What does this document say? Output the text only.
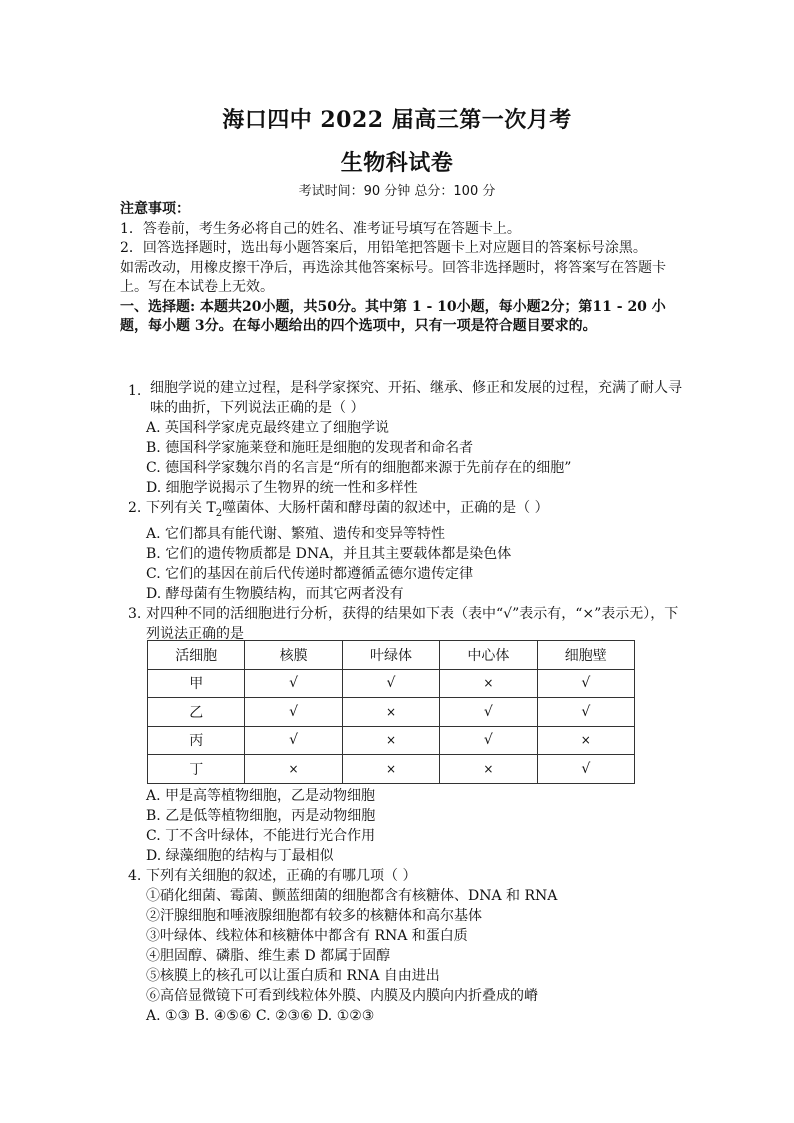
海口四中 2022 届高三第一次月考
生物科试卷
考试时间：90 分钟 总分：100 分

注意事项：

1．答卷前，考生务必将自己的姓名、准考证号填写在答题卡上。

2．回答选择题时，选出每小题答案后，用铅笔把答题卡上对应题目的答案标号涂黑。

如需改动，用橡皮擦干净后，再选涂其他答案标号。回答非选择题时，将答案写在答题卡上。写在本试卷上无效。

一、选择题: 本题共20小题，共50分。其中第 1 - 10小题，每小题2分；第11 - 20 小题，每小题 3分。在每小题给出的四个选项中，只有一项是符合题目要求的。

1. 细胞学说的建立过程，是科学家探究、开拓、继承、修正和发展的过程，充满了耐人寻味的曲折，下列说法正确的是（ ）
A. 英国科学家虎克最终建立了细胞学说
B. 德国科学家施莱登和施旺是细胞的发现者和命名者
C. 德国科学家魏尔肖的名言是“所有的细胞都来源于先前存在的细胞”
D. 细胞学说揭示了生物界的统一性和多样性
2. 下列有关 $T_2$噬菌体、大肠杆菌和酵母菌的叙述中，正确的是（ ）
A. 它们都具有能代谢、繁殖、遗传和变异等特性
B. 它们的遗传物质都是 DNA，并且其主要载体都是染色体
C. 它们的基因在前后代传递时都遵循孟德尔遗传定律
D. 酵母菌有生物膜结构，而其它两者没有
3. 对四种不同的活细胞进行分析，获得的结果如下表（表中“√”表示有，“×”表示无），下列说法正确的是
活细胞	核膜	叶绿体	中心体	细胞壁
甲	√	√	×	√
乙	√	×	√	√
丙	√	×	√	×
丁	×	×	×	√
A. 甲是高等植物细胞，乙是动物细胞
B. 乙是低等植物细胞，丙是动物细胞
C. 丁不含叶绿体，不能进行光合作用
D. 绿藻细胞的结构与丁最相似
4. 下列有关细胞的叙述，正确的有哪几项（ ）
①硝化细菌、霉菌、颤蓝细菌的细胞都含有核糖体、DNA 和 RNA
②汗腺细胞和唾液腺细胞都有较多的核糖体和高尔基体
③叶绿体、线粒体和核糖体中都含有 RNA 和蛋白质
④胆固醇、磷脂、维生素 D 都属于固醇
⑤核膜上的核孔可以让蛋白质和 RNA 自由进出
⑥高倍显微镜下可看到线粒体外膜、内膜及内膜向内折叠成的嵴
A. ①③ B. ④⑤⑥ C. ②③⑥ D. ①②③
